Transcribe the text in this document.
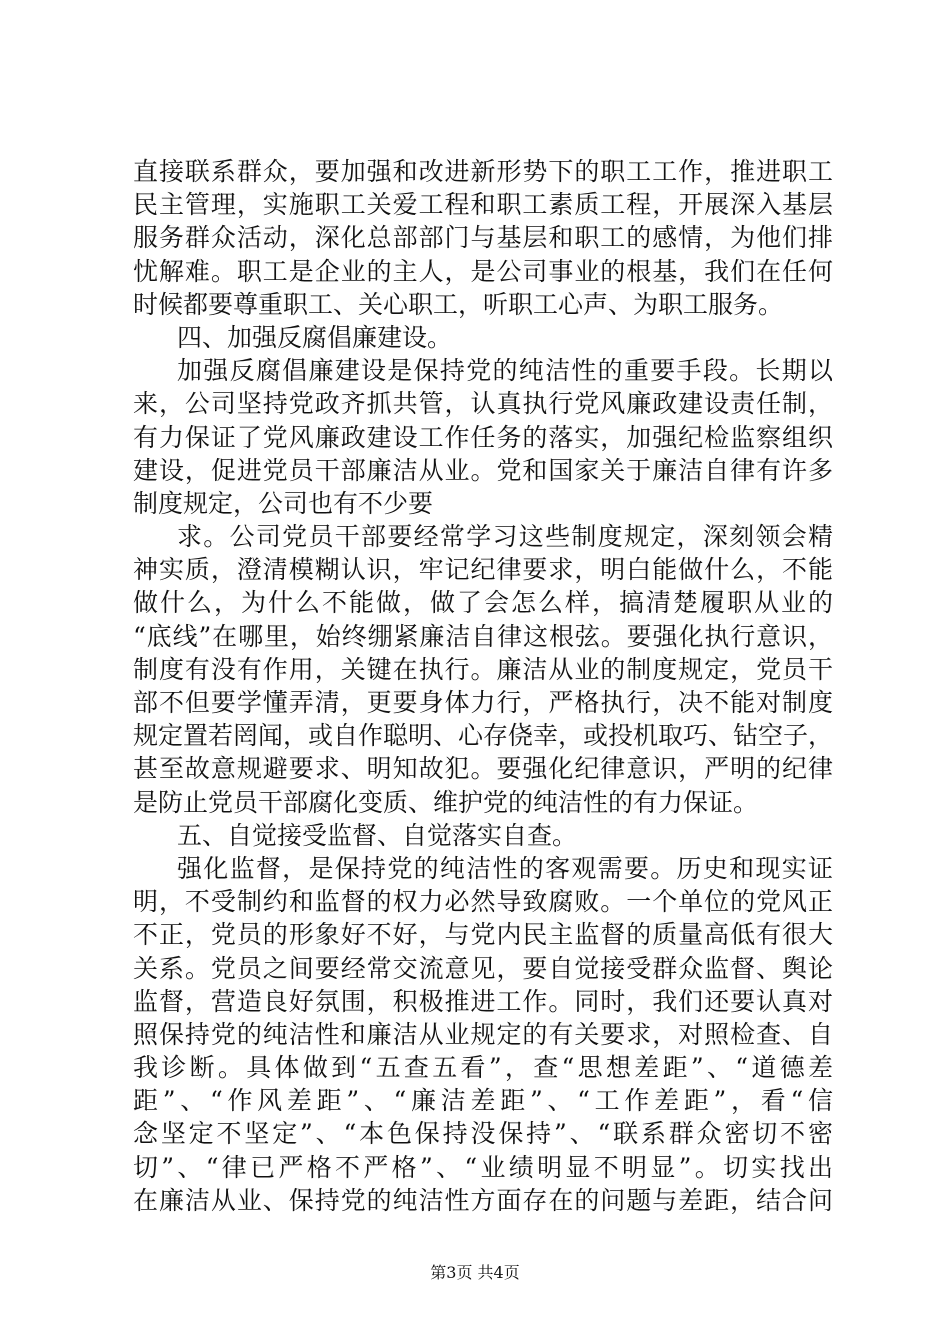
直接联系群众，要加强和改进新形势下的职工工作，推进职工
民主管理，实施职工关爱工程和职工素质工程，开展深入基层
服务群众活动，深化总部部门与基层和职工的感情，为他们排
忧解难。职工是企业的主人，是公司事业的根基，我们在任何
时候都要尊重职工、关心职工，听职工心声、为职工服务。
四、加强反腐倡廉建设。
加强反腐倡廉建设是保持党的纯洁性的重要手段。长期以
来，公司坚持党政齐抓共管，认真执行党风廉政建设责任制，
有力保证了党风廉政建设工作任务的落实，加强纪检监察组织
建设，促进党员干部廉洁从业。党和国家关于廉洁自律有许多
制度规定，公司也有不少要
求。公司党员干部要经常学习这些制度规定，深刻领会精
神实质，澄清模糊认识，牢记纪律要求，明白能做什么，不能
做什么，为什么不能做，做了会怎么样，搞清楚履职从业的
“底线”在哪里，始终绷紧廉洁自律这根弦。要强化执行意识，
制度有没有作用，关键在执行。廉洁从业的制度规定，党员干
部不但要学懂弄清，更要身体力行，严格执行，决不能对制度
规定置若罔闻，或自作聪明、心存侥幸，或投机取巧、钻空子，
甚至故意规避要求、明知故犯。要强化纪律意识，严明的纪律
是防止党员干部腐化变质、维护党的纯洁性的有力保证。
五、自觉接受监督、自觉落实自查。
强化监督，是保持党的纯洁性的客观需要。历史和现实证
明，不受制约和监督的权力必然导致腐败。一个单位的党风正
不正，党员的形象好不好，与党内民主监督的质量高低有很大
关系。党员之间要经常交流意见，要自觉接受群众监督、舆论
监督，营造良好氛围，积极推进工作。同时，我们还要认真对
照保持党的纯洁性和廉洁从业规定的有关要求，对照检查、自
我诊断。具体做到“五查五看”，查“思想差距”、“道德差
距”、“作风差距”、“廉洁差距”、“工作差距”，看“信
念坚定不坚定”、“本色保持没保持”、“联系群众密切不密
切”、“律已严格不严格”、“业绩明显不明显”。切实找出
在廉洁从业、保持党的纯洁性方面存在的问题与差距，结合问
第3页 共4页
